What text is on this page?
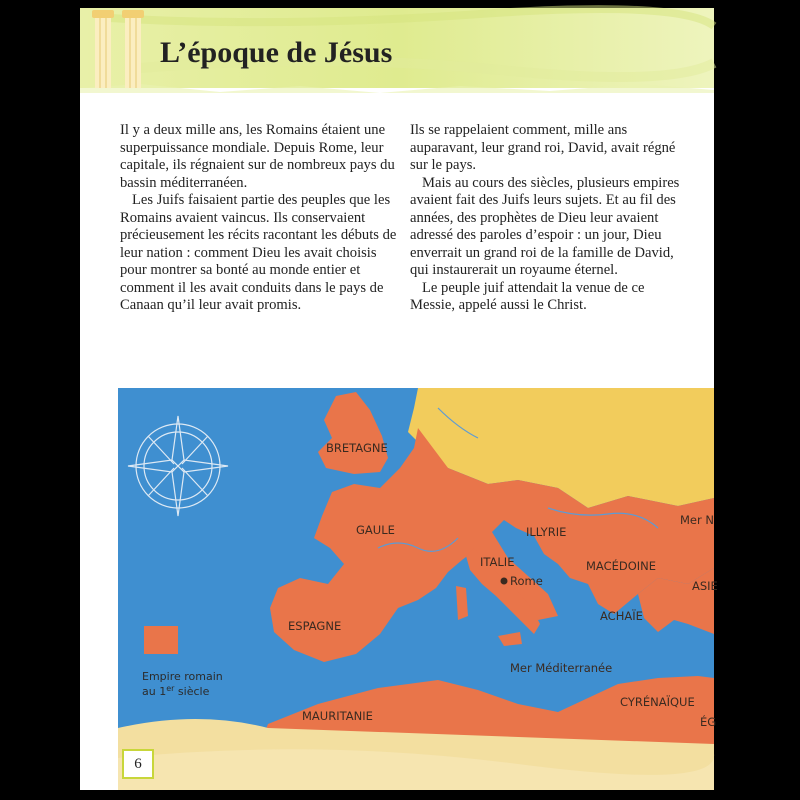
L’époque de Jésus

Il y a deux mille ans, les Romains étaient une superpuissance mondiale. Depuis Rome, leur capitale, ils régnaient sur de nombreux pays du bassin méditerranéen.

Les Juifs faisaient partie des peuples que les Romains avaient vaincus. Ils conservaient précieusement les récits racontant les débuts de leur nation : comment Dieu les avait choisis pour montrer sa bonté au monde entier et comment il les avait conduits dans le pays de Canaan qu’il leur avait promis.

Ils se rappelaient comment, mille ans auparavant, leur grand roi, David, avait régné sur le pays.

Mais au cours des siècles, plusieurs empires avaient fait des Juifs leurs sujets. Et au fil des années, des prophètes de Dieu leur avaient adressé des paroles d’espoir : un jour, Dieu enverrait un grand roi de la famille de David, qui instaurerait un royaume éternel.

Le peuple juif attendait la venue de ce Messie, appelé aussi le Christ.

Empire romain
au 1er siècle
BRETAGNE
GAULE	ILLYRIE
ITALIE
Rome
MACÉDOINE
ASIE
ESPAGNE
ACHAÏE
Mer N
Mer Méditerranée
MAURITANIE
CYRÉNAÏQUE
ÉG
6
